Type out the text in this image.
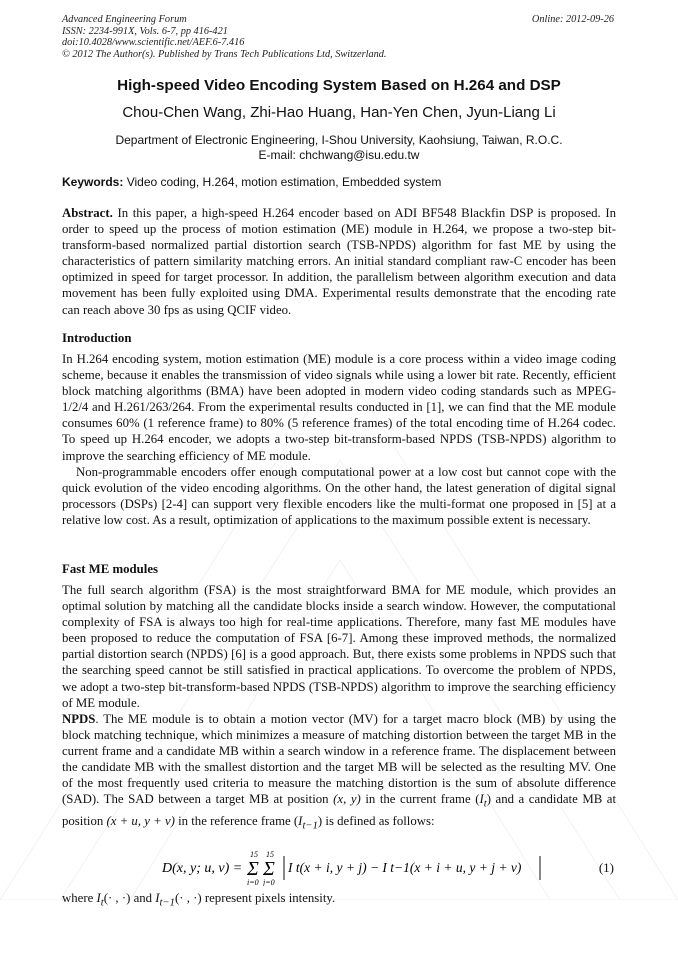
Advanced Engineering Forum	Online: 2012-09-26
ISSN: 2234-991X, Vols. 6-7, pp 416-421
doi:10.4028/www.scientific.net/AEF.6-7.416
© 2012 The Author(s). Published by Trans Tech Publications Ltd, Switzerland.
High-speed Video Encoding System Based on H.264 and DSP
Chou-Chen Wang, Zhi-Hao Huang, Han-Yen Chen, Jyun-Liang Li
Department of Electronic Engineering, I-Shou University, Kaohsiung, Taiwan, R.O.C.
E-mail: chchwang@isu.edu.tw
Keywords: Video coding, H.264, motion estimation, Embedded system

Abstract. In this paper, a high-speed H.264 encoder based on ADI BF548 Blackfin DSP is proposed. In order to speed up the process of motion estimation (ME) module in H.264, we propose a two-step bit-transform-based normalized partial distortion search (TSB-NPDS) algorithm for fast ME by using the characteristics of pattern similarity matching errors. An initial standard compliant raw-C encoder has been optimized in speed for target processor. In addition, the parallelism between algorithm execution and data movement has been fully exploited using DMA. Experimental results demonstrate that the encoding rate can reach above 30 fps as using QCIF video.

Introduction

In H.264 encoding system, motion estimation (ME) module is a core process within a video image coding scheme, because it enables the transmission of video signals while using a lower bit rate. Recently, efficient block matching algorithms (BMA) have been adopted in modern video coding standards such as MPEG-1/2/4 and H.261/263/264. From the experimental results conducted in [1], we can find that the ME module consumes 60% (1 reference frame) to 80% (5 reference frames) of the total encoding time of H.264 codec. To speed up H.264 encoder, we adopts a two-step bit-transform-based NPDS (TSB-NPDS) algorithm to improve the searching efficiency of ME module.

Non-programmable encoders offer enough computational power at a low cost but cannot cope with the quick evolution of the video encoding algorithms. On the other hand, the latest generation of digital signal processors (DSPs) [2-4] can support very flexible encoders like the multi-format one proposed in [5] at a relative low cost. As a result, optimization of applications to the maximum possible extent is necessary.

Fast ME modules

The full search algorithm (FSA) is the most straightforward BMA for ME module, which provides an optimal solution by matching all the candidate blocks inside a search window. However, the computational complexity of FSA is always too high for real-time applications. Therefore, many fast ME modules have been proposed to reduce the computation of FSA [6-7]. Among these improved methods, the normalized partial distortion search (NPDS) [6] is a good approach. But, there exists some problems in NPDS such that the searching speed cannot be still satisfied in practical applications. To overcome the problem of NPDS, we adopt a two-step bit-transform-based NPDS (TSB-NPDS) algorithm to improve the searching efficiency of ME module.

NPDS. The ME module is to obtain a motion vector (MV) for a target macro block (MB) by using the block matching technique, which minimizes a measure of matching distortion between the target MB in the current frame and a candidate MB within a search window in a reference frame. The displacement between the candidate MB with the smallest distortion and the target MB will be selected as the resulting MV. One of the most frequently used criteria to measure the matching distortion is the sum of absolute difference (SAD). The SAD between a target MB at position (x, y) in the current frame $(I_t)$ and a candidate MB at position (x + u, y + v) in the reference frame $(I_{t-1})$ is defined as follows:

D(x, y; u, v) =
15
Σ
i=0
15
Σ
j=0
I t(x + i, y + j) − I t−1(x + i + u, y + j + v)	(1)

where $I_t(\cdot$ , ·) and $I_{t-1}(\cdot$ , ·) represent pixels intensity.
